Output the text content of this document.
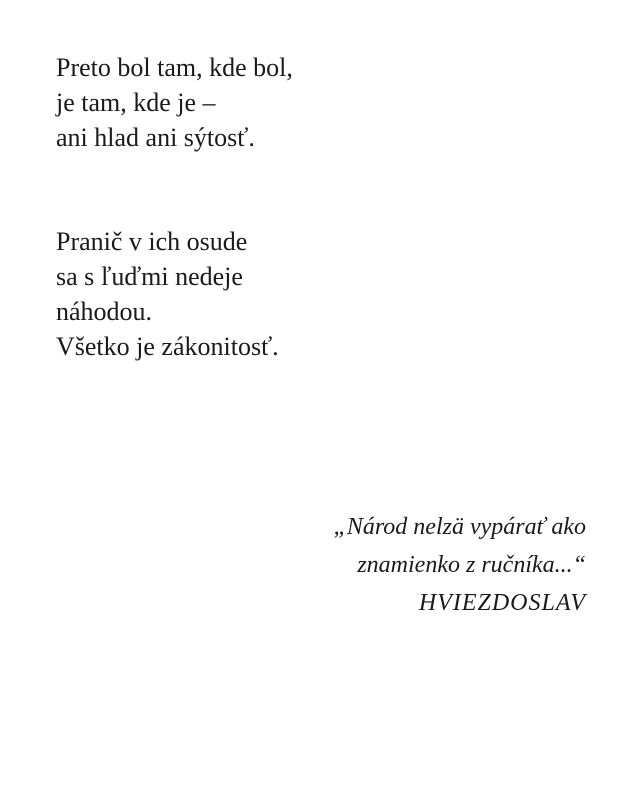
Preto bol tam, kde bol,
je tam, kde je –
ani hlad ani sýtosť.
Pranič v ich osude
sa s ľuďmi nedeje
náhodou.
Všetko je zákonitosť.
„Národ nelzä vypárať ako
znamienko z ručníka...“
HVIEZDOSLAV
